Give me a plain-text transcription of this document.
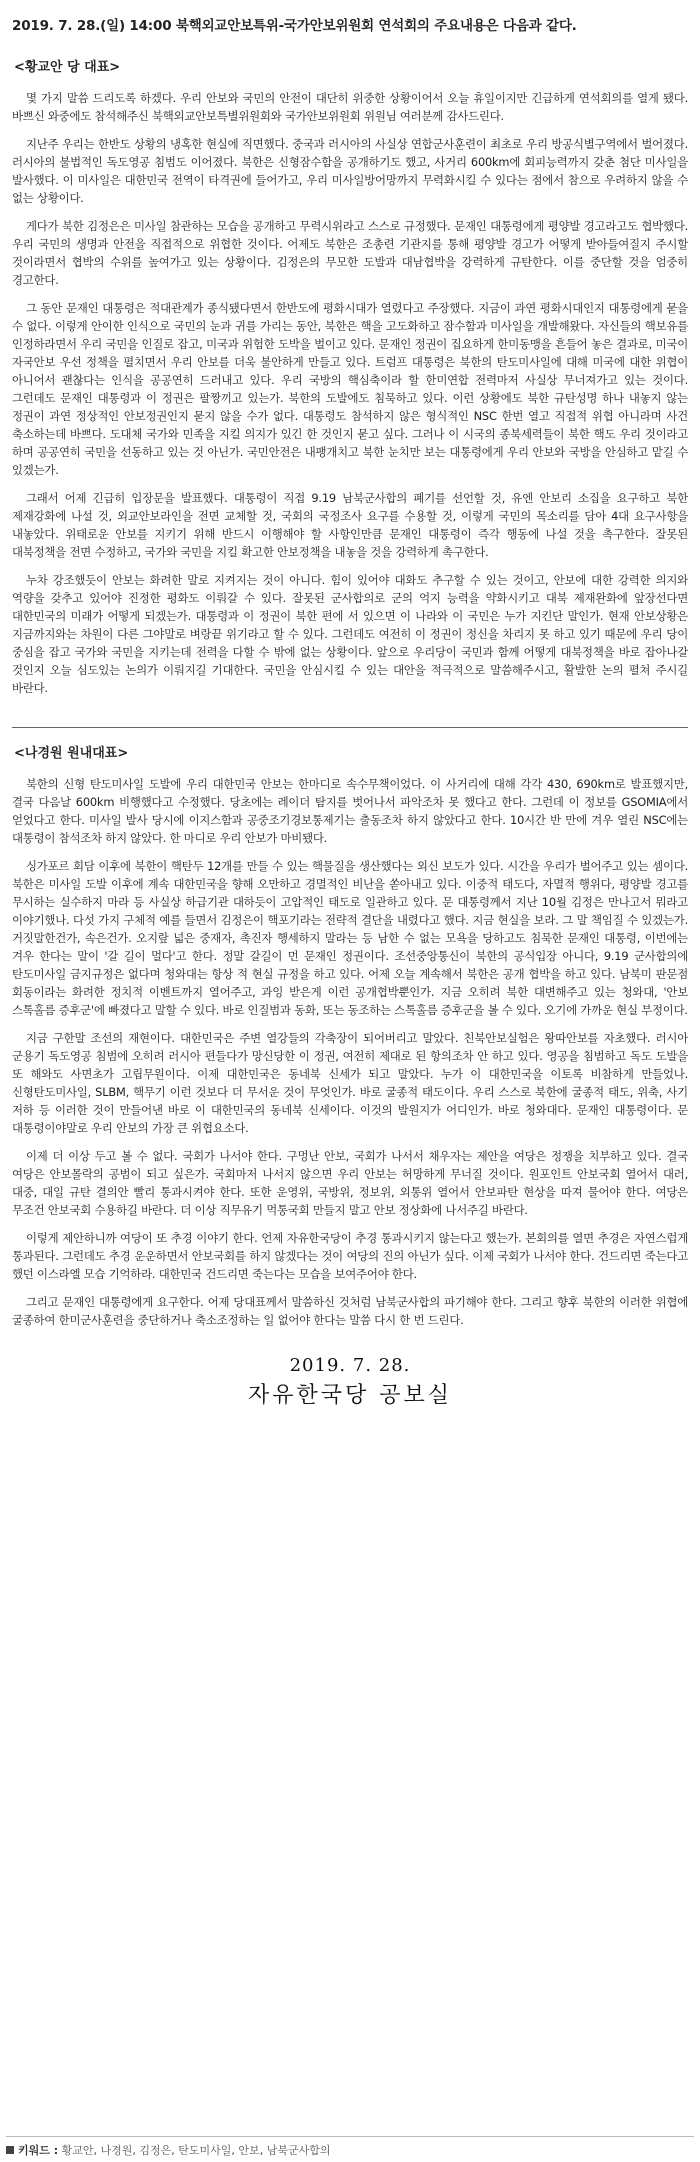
2019. 7. 28.(일) 14:00 북핵외교안보특위-국가안보위원회 연석회의 주요내용은 다음과 같다.
<황교안 당 대표>

몇 가지 말씀 드리도록 하겠다. 우리 안보와 국민의 안전이 대단히 위중한 상황이어서 오늘 휴일이지만 긴급하게 연석회의를 열게 됐다. 바쁘신 와중에도 참석해주신 북핵외교안보특별위원회와 국가안보위원회 위원님 여러분께 감사드린다.

지난주 우리는 한반도 상황의 냉혹한 현실에 직면했다. 중국과 러시아의 사실상 연합군사훈련이 최초로 우리 방공식별구역에서 벌어졌다. 러시아의 불법적인 독도영공 침범도 이어졌다. 북한은 신형잠수함을 공개하기도 했고, 사거리 600km에 회피능력까지 갖춘 첨단 미사일을 발사했다. 이 미사일은 대한민국 전역이 타격권에 들어가고, 우리 미사일방어망까지 무력화시킬 수 있다는 점에서 참으로 우려하지 않을 수 없는 상황이다.

게다가 북한 김정은은 미사일 참관하는 모습을 공개하고 무력시위라고 스스로 규정했다. 문재인 대통령에게 평양발 경고라고도 협박했다. 우리 국민의 생명과 안전을 직접적으로 위협한 것이다. 어제도 북한은 조총련 기관지를 통해 평양발 경고가 어떻게 받아들여질지 주시할 것이라면서 협박의 수위를 높여가고 있는 상황이다. 김정은의 무모한 도발과 대남협박을 강력하게 규탄한다. 이를 중단할 것을 엄중히 경고한다.

그 동안 문재인 대통령은 적대관계가 종식됐다면서 한반도에 평화시대가 열렸다고 주장했다. 지금이 과연 평화시대인지 대통령에게 묻을 수 없다. 이렇게 안이한 인식으로 국민의 눈과 귀를 가리는 동안, 북한은 핵을 고도화하고 잠수함과 미사일을 개발해왔다. 자신들의 핵보유를 인정하라면서 우리 국민을 인질로 잡고, 미국과 위험한 도박을 벌이고 있다. 문재인 정권이 집요하게 한미동맹을 흔들어 놓은 결과로, 미국이 자국안보 우선 정책을 펼치면서 우리 안보를 더욱 불안하게 만들고 있다. 트럼프 대통령은 북한의 탄도미사일에 대해 미국에 대한 위협이 아니어서 괜찮다는 인식을 공공연히 드러내고 있다. 우리 국방의 핵심축이라 할 한미연합 전력마저 사실상 무너져가고 있는 것이다. 그런데도 문재인 대통령과 이 정권은 팔짱끼고 있는가. 북한의 도발에도 침묵하고 있다. 이런 상황에도 북한 규탄성명 하나 내놓지 않는 정권이 과연 정상적인 안보정권인지 묻지 않을 수가 없다. 대통령도 참석하지 않은 형식적인 NSC 한번 열고 직접적 위협 아니라며 사건 축소하는데 바쁘다. 도대체 국가와 민족을 지킬 의지가 있긴 한 것인지 묻고 싶다. 그러나 이 시국의 종북세력들이 북한 핵도 우리 것이라고 하며 공공연히 국민을 선동하고 있는 것 아닌가. 국민안전은 내팽개치고 북한 눈치만 보는 대통령에게 우리 안보와 국방을 안심하고 맡길 수 있겠는가.

그래서 어제 긴급히 입장문을 발표했다. 대통령이 직접 9.19 남북군사합의 폐기를 선언할 것, 유엔 안보리 소집을 요구하고 북한 제재강화에 나설 것, 외교안보라인을 전면 교체할 것, 국회의 국정조사 요구를 수용할 것, 이렇게 국민의 목소리를 담아 4대 요구사항을 내놓았다. 위태로운 안보를 지키기 위해 반드시 이행해야 할 사항인만큼 문재인 대통령이 즉각 행동에 나설 것을 촉구한다. 잘못된 대북정책을 전면 수정하고, 국가와 국민을 지킬 확고한 안보정책을 내놓을 것을 강력하게 촉구한다.

누차 강조했듯이 안보는 화려한 말로 지켜지는 것이 아니다. 힘이 있어야 대화도 추구할 수 있는 것이고, 안보에 대한 강력한 의지와 역량을 갖추고 있어야 진정한 평화도 이뤄갈 수 있다. 잘못된 군사합의로 군의 억지 능력을 약화시키고 대북 제재완화에 앞장선다면 대한민국의 미래가 어떻게 되겠는가. 대통령과 이 정권이 북한 편에 서 있으면 이 나라와 이 국민은 누가 지킨단 말인가. 현재 안보상황은 지금까지와는 차원이 다른 그야말로 벼랑끝 위기라고 할 수 있다. 그런데도 여전히 이 정권이 정신을 차리지 못 하고 있기 때문에 우리 당이 중심을 잡고 국가와 국민을 지키는데 전력을 다할 수 밖에 없는 상황이다. 앞으로 우리당이 국민과 함께 어떻게 대북정책을 바로 잡아나갈 것인지 오늘 심도있는 논의가 이뤄지길 기대한다. 국민을 안심시킬 수 있는 대안을 적극적으로 말씀해주시고, 활발한 논의 펼쳐 주시길 바란다.

<나경원 원내대표>

북한의 신형 탄도미사일 도발에 우리 대한민국 안보는 한마디로 속수무책이었다. 이 사거리에 대해 각각 430, 690km로 발표했지만, 결국 다음날 600km 비행했다고 수정했다. 당초에는 레이더 탐지를 벗어나서 파악조차 못 했다고 한다. 그런데 이 정보를 GSOMIA에서 얻었다고 한다. 미사일 발사 당시에 이지스함과 공중조기경보통제기는 출동조차 하지 않았다고 한다. 10시간 반 만에 겨우 열린 NSC에는 대통령이 참석조차 하지 않았다. 한 마디로 우리 안보가 마비됐다.

싱가포르 회담 이후에 북한이 핵탄두 12개를 만들 수 있는 핵물질을 생산했다는 외신 보도가 있다. 시간을 우리가 벌어주고 있는 셈이다. 북한은 미사일 도발 이후에 계속 대한민국을 향해 오만하고 경멸적인 비난을 쏟아내고 있다. 이중적 태도다, 자멸적 행위다, 평양발 경고를 무시하는 실수하지 마라 등 사실상 하급기관 대하듯이 고압적인 태도로 일관하고 있다. 문 대통령께서 지난 10월 김정은 만나고서 뭐라고 이야기했나. 다섯 가지 구체적 예를 들면서 김정은이 핵포기라는 전략적 결단을 내렸다고 했다. 지금 현실을 보라. 그 말 책임질 수 있겠는가. 거짓말한건가, 속은건가. 오지랖 넓은 중재자, 촉진자 행세하지 말라는 등 남한 수 없는 모욕을 당하고도 침묵한 문재인 대통령, 이번에는 겨우 한다는 말이 '갈 길이 멀다'고 한다. 정말 갈길이 먼 문재인 정권이다. 조선중앙통신이 북한의 공식입장 아니다, 9.19 군사합의에 탄도미사일 금지규정은 없다며 청와대는 항상 적 현실 규정을 하고 있다. 어제 오늘 계속해서 북한은 공개 협박을 하고 있다. 남북미 판문점 회동이라는 화려한 정치적 이벤트까지 열어주고, 과잉 받은게 이런 공개협박뿐인가. 지금 오히려 북한 대변해주고 있는 청와대, '안보 스톡홀름 증후군'에 빠졌다고 말할 수 있다. 바로 인질범과 동화, 또는 동조하는 스톡홀름 증후군을 볼 수 있다. 오기에 가까운 현실 부정이다.

지금 구한말 조선의 재현이다. 대한민국은 주변 열강들의 각축장이 되어버리고 말았다. 친북안보실험은 왕따안보를 자초했다. 러시아 군용기 독도영공 침범에 오히려 러시아 편들다가 망신당한 이 정권, 여전히 제대로 된 항의조차 안 하고 있다. 영공을 침범하고 독도 도발을 또 해와도 사면초가 고립무원이다. 이제 대한민국은 동네북 신세가 되고 말았다. 누가 이 대한민국을 이토록 비참하게 만들었나. 신형탄도미사일, SLBM, 핵무기 이런 것보다 더 무서운 것이 무엇인가. 바로 굴종적 태도이다. 우리 스스로 북한에 굴종적 태도, 위축, 사기 저하 등 이러한 것이 만들어낸 바로 이 대한민국의 동네북 신세이다. 이것의 발원지가 어디인가. 바로 청와대다. 문재인 대통령이다. 문 대통령이야말로 우리 안보의 가장 큰 위협요소다.

이제 더 이상 두고 볼 수 없다. 국회가 나서야 한다. 구멍난 안보, 국회가 나서서 채우자는 제안을 여당은 정쟁을 치부하고 있다. 결국 여당은 안보몰락의 공범이 되고 싶은가. 국회마저 나서지 않으면 우리 안보는 허망하게 무너질 것이다. 원포인트 안보국회 열어서 대러, 대중, 대일 규탄 결의안 빨리 통과시켜야 한다. 또한 운영위, 국방위, 정보위, 외통위 열어서 안보파탄 현상을 따져 물어야 한다. 여당은 무조건 안보국회 수용하길 바란다. 더 이상 직무유기 먹통국회 만들지 말고 안보 정상화에 나서주길 바란다.

이렇게 제안하니까 여당이 또 추경 이야기 한다. 언제 자유한국당이 추경 통과시키지 않는다고 했는가. 본회의를 열면 추경은 자연스럽게 통과된다. 그런데도 추경 운운하면서 안보국회를 하지 않겠다는 것이 여당의 진의 아닌가 싶다. 이제 국회가 나서야 한다. 건드리면 죽는다고 했던 이스라엘 모습 기억하라. 대한민국 건드리면 죽는다는 모습을 보여주어야 한다.

그리고 문재인 대통령에게 요구한다. 어제 당대표께서 말씀하신 것처럼 남북군사합의 파기해야 한다. 그리고 향후 북한의 이러한 위협에 굴종하여 한미군사훈련을 중단하거나 축소조정하는 일 없어야 한다는 말씀 다시 한 번 드린다.

2019. 7. 28.
자유한국당 공보실
키워드 : 황교안, 나경원, 김정은, 탄도미사일, 안보, 남북군사합의
